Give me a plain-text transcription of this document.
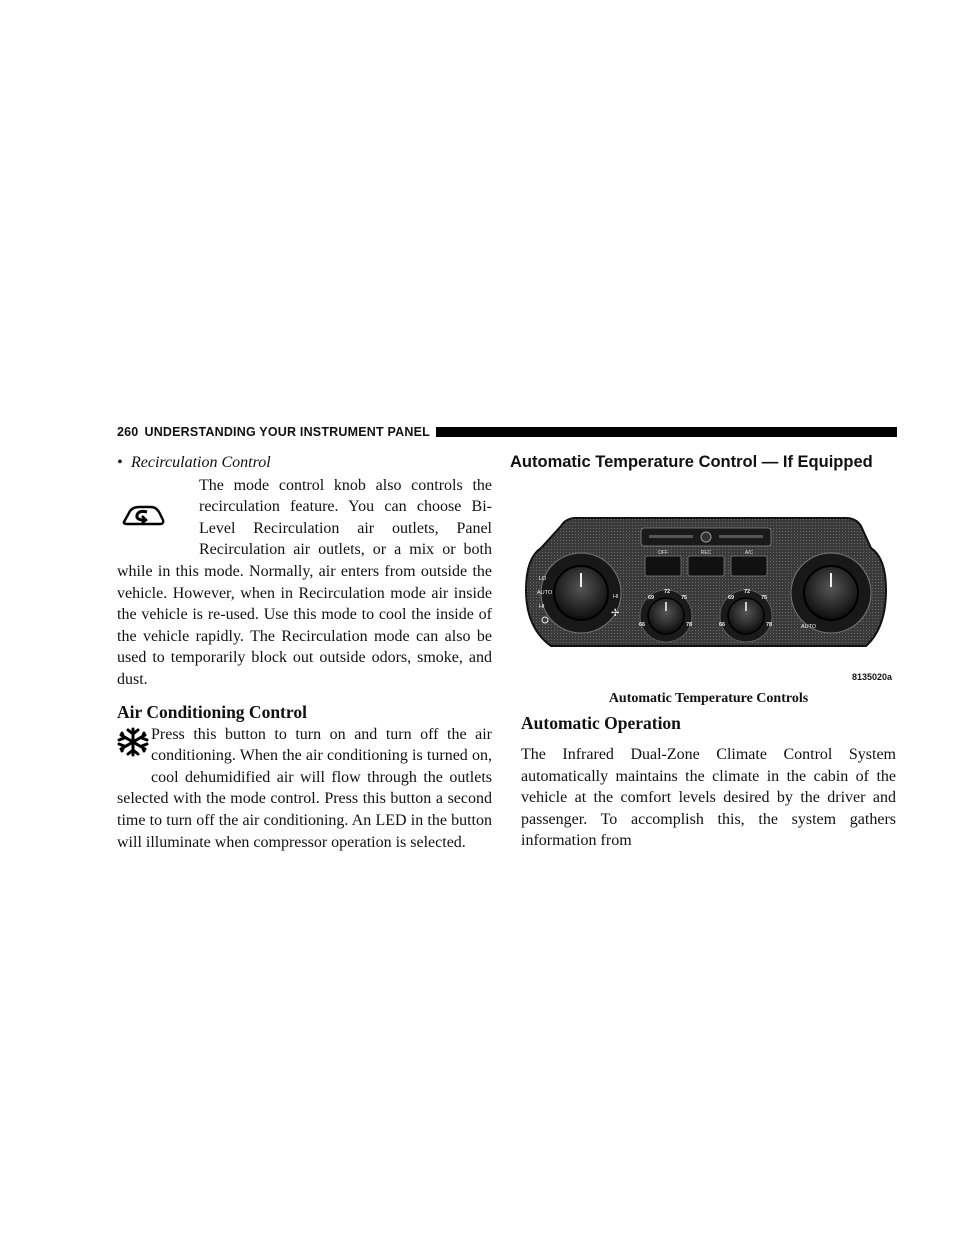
260 UNDERSTANDING YOUR INSTRUMENT PANEL
• Recirculation Control

The mode control knob also controls the recirculation feature. You can choose Bi-Level Recirculation air outlets, Panel Recirculation air outlets, or a mix or both while in this mode. Normally, air enters from outside the vehicle. However, when in Recirculation mode air inside the vehicle is re-used. Use this mode to cool the inside of the vehicle rapidly. The Recirculation mode can also be used to temporarily block out outside odors, smoke, and dust.

Air Conditioning Control

Press this button to turn on and turn off the air conditioning. When the air conditioning is turned on, cool dehumidified air will flow through the outlets selected with the mode control. Press this button a second time to turn off the air conditioning. An LED in the button will illuminate when compressor operation is selected.

Automatic Temperature Control — If Equipped
OFF	REC	A/C
LO
AUTO
HI
HI
✢
66
69
72
75
78	66
69
72
75
78	AUTO
8135020a
Automatic Temperature Controls
Automatic Operation

The Infrared Dual-Zone Climate Control System automatically maintains the climate in the cabin of the vehicle at the comfort levels desired by the driver and passenger. To accomplish this, the system gathers information from
